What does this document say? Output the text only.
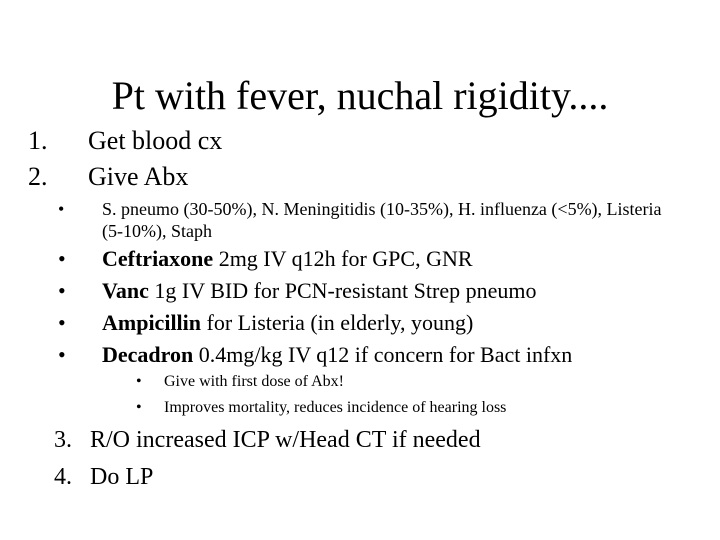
Pt with fever, nuchal rigidity....
1. Get blood cx
2. Give Abx
• S. pneumo (30-50%), N. Meningitidis (10-35%), H. influenza (<5%), Listeria (5-10%), Staph
• Ceftriaxone 2mg IV q12h for GPC, GNR
• Vanc 1g IV BID for PCN-resistant Strep pneumo
• Ampicillin for Listeria (in elderly, young)
• Decadron 0.4mg/kg IV q12 if concern for Bact infxn
• Give with first dose of Abx!
• Improves mortality, reduces incidence of hearing loss
3. R/O increased ICP w/Head CT if needed
4. Do LP
